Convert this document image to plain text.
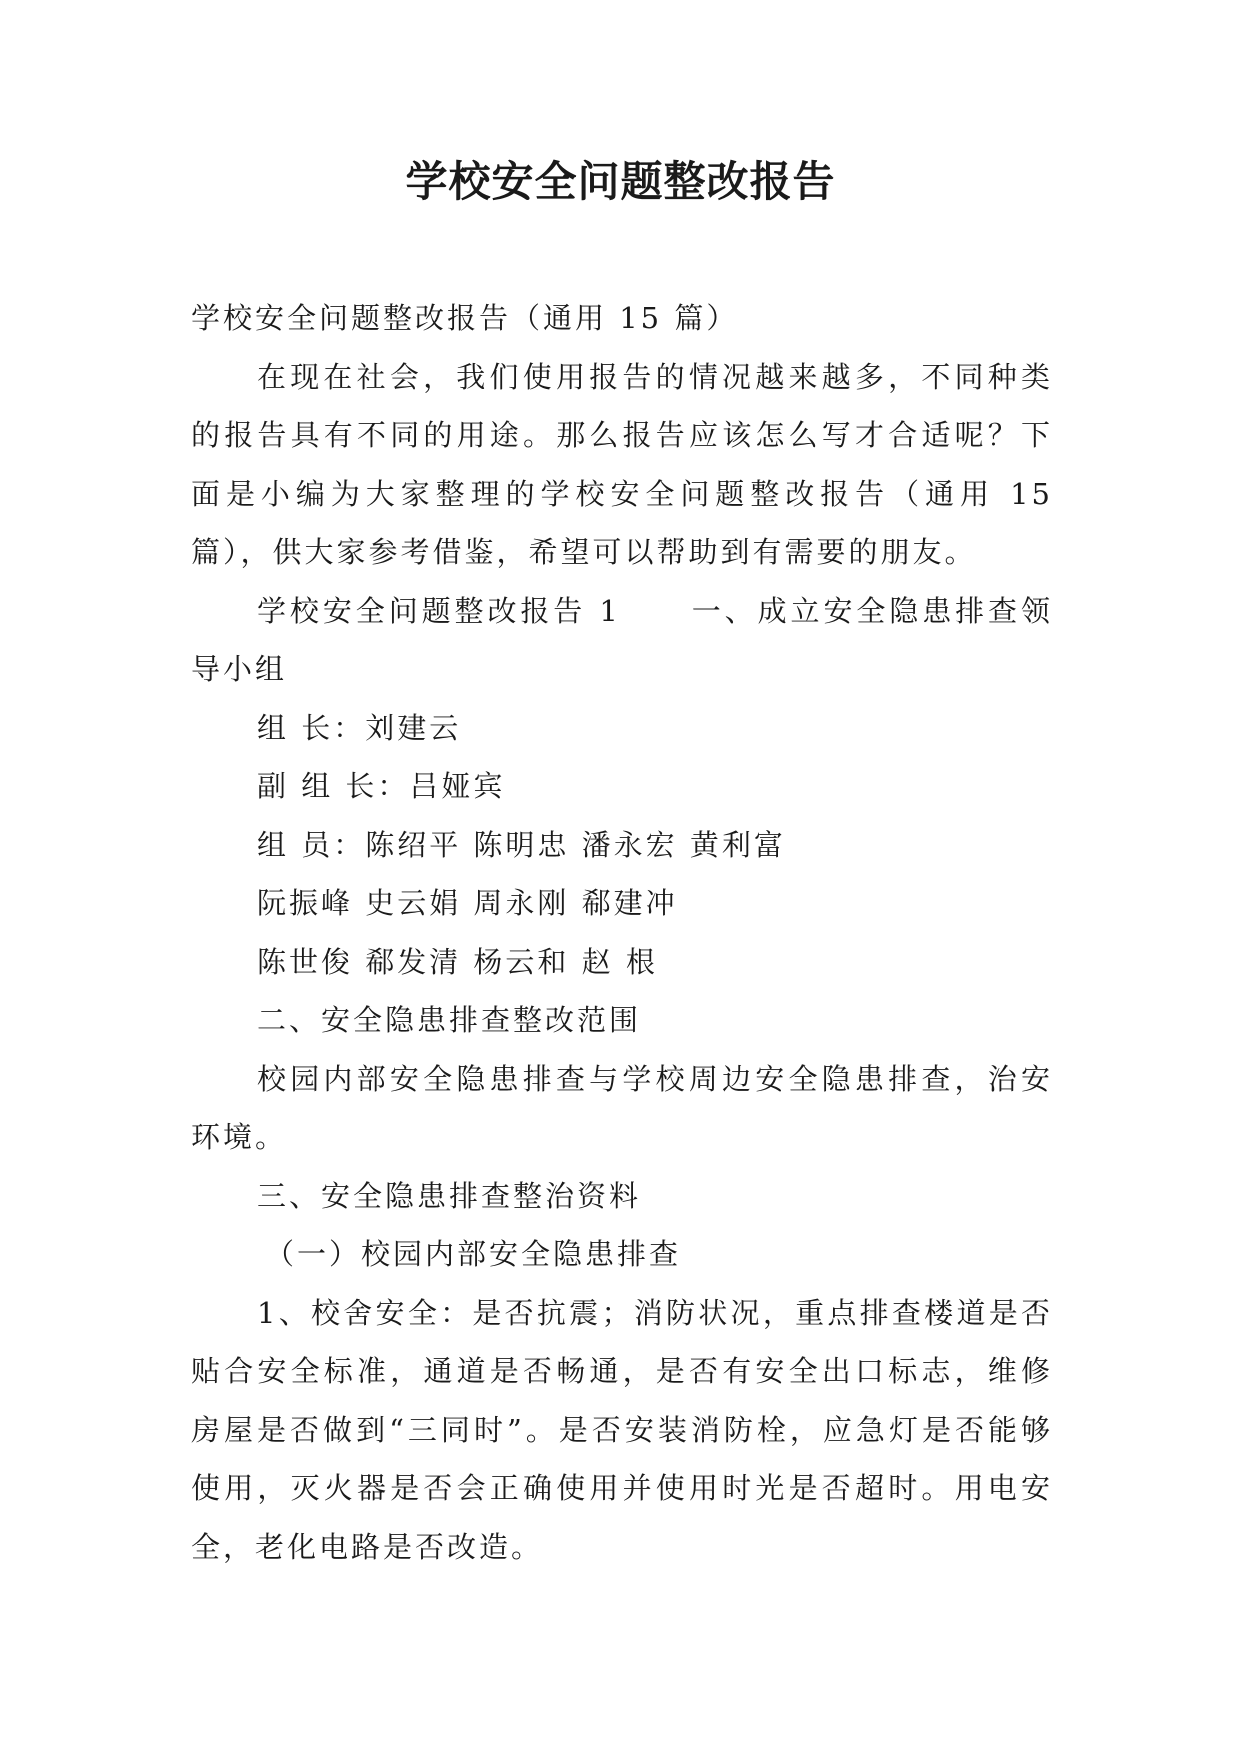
学校安全问题整改报告

学校安全问题整改报告（通用 15 篇）

在现在社会，我们使用报告的情况越来越多，不同种类的报告具有不同的用途。那么报告应该怎么写才合适呢？下面是小编为大家整理的学校安全问题整改报告（通用 15 篇），供大家参考借鉴，希望可以帮助到有需要的朋友。

学校安全问题整改报告 1 一、成立安全隐患排查领导小组

组 长：刘建云

副 组 长：吕娅宾

组 员：陈绍平 陈明忠 潘永宏 黄利富

阮振峰 史云娟 周永刚 郗建冲

陈世俊 郗发清 杨云和 赵 根

二、安全隐患排查整改范围

校园内部安全隐患排查与学校周边安全隐患排查，治安环境。

三、安全隐患排查整治资料

（一）校园内部安全隐患排查

1、校舍安全：是否抗震；消防状况，重点排查楼道是否贴合安全标准，通道是否畅通，是否有安全出口标志，维修房屋是否做到“三同时”。是否安装消防栓，应急灯是否能够使用，灭火器是否会正确使用并使用时光是否超时。用电安全，老化电路是否改造。
